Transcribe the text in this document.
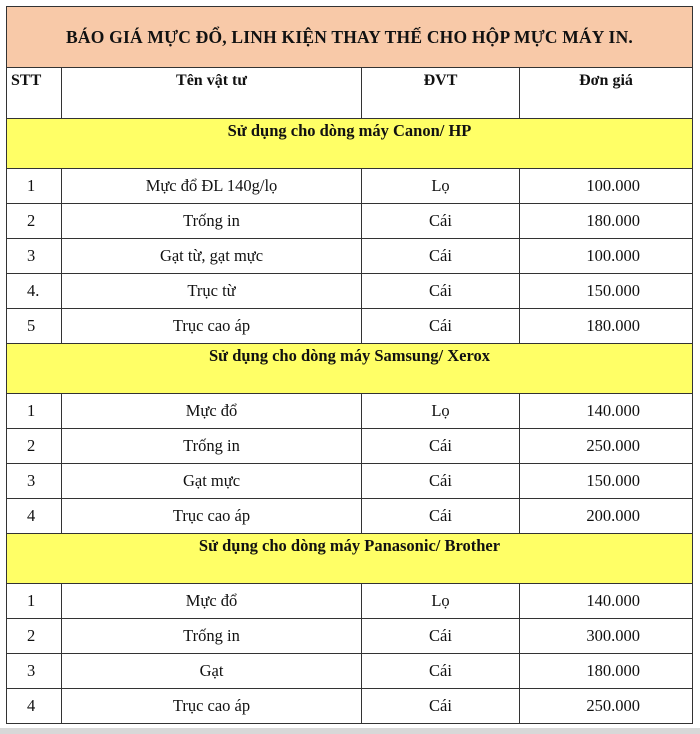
BÁO GIÁ MỰC ĐỔ, LINH KIỆN THAY THẾ CHO HỘP MỰC MÁY IN.			
STT	Tên vật tư	ĐVT	Đơn giá
Sử dụng cho dòng máy Canon/ HP			
1	Mực đổ ĐL 140g/lọ	Lọ	100.000
2	Trống in	Cái	180.000
3	Gạt từ, gạt mực	Cái	100.000
4.	Trục từ	Cái	150.000
5	Trục cao áp	Cái	180.000
Sử dụng cho dòng máy Samsung/ Xerox			
1	Mực đổ	Lọ	140.000
2	Trống in	Cái	250.000
3	Gạt mực	Cái	150.000
4	Trục cao áp	Cái	200.000
Sử dụng cho dòng máy Panasonic/ Brother			
1	Mực đổ	Lọ	140.000
2	Trống in	Cái	300.000
3	Gạt	Cái	180.000
4	Trục cao áp	Cái	250.000
